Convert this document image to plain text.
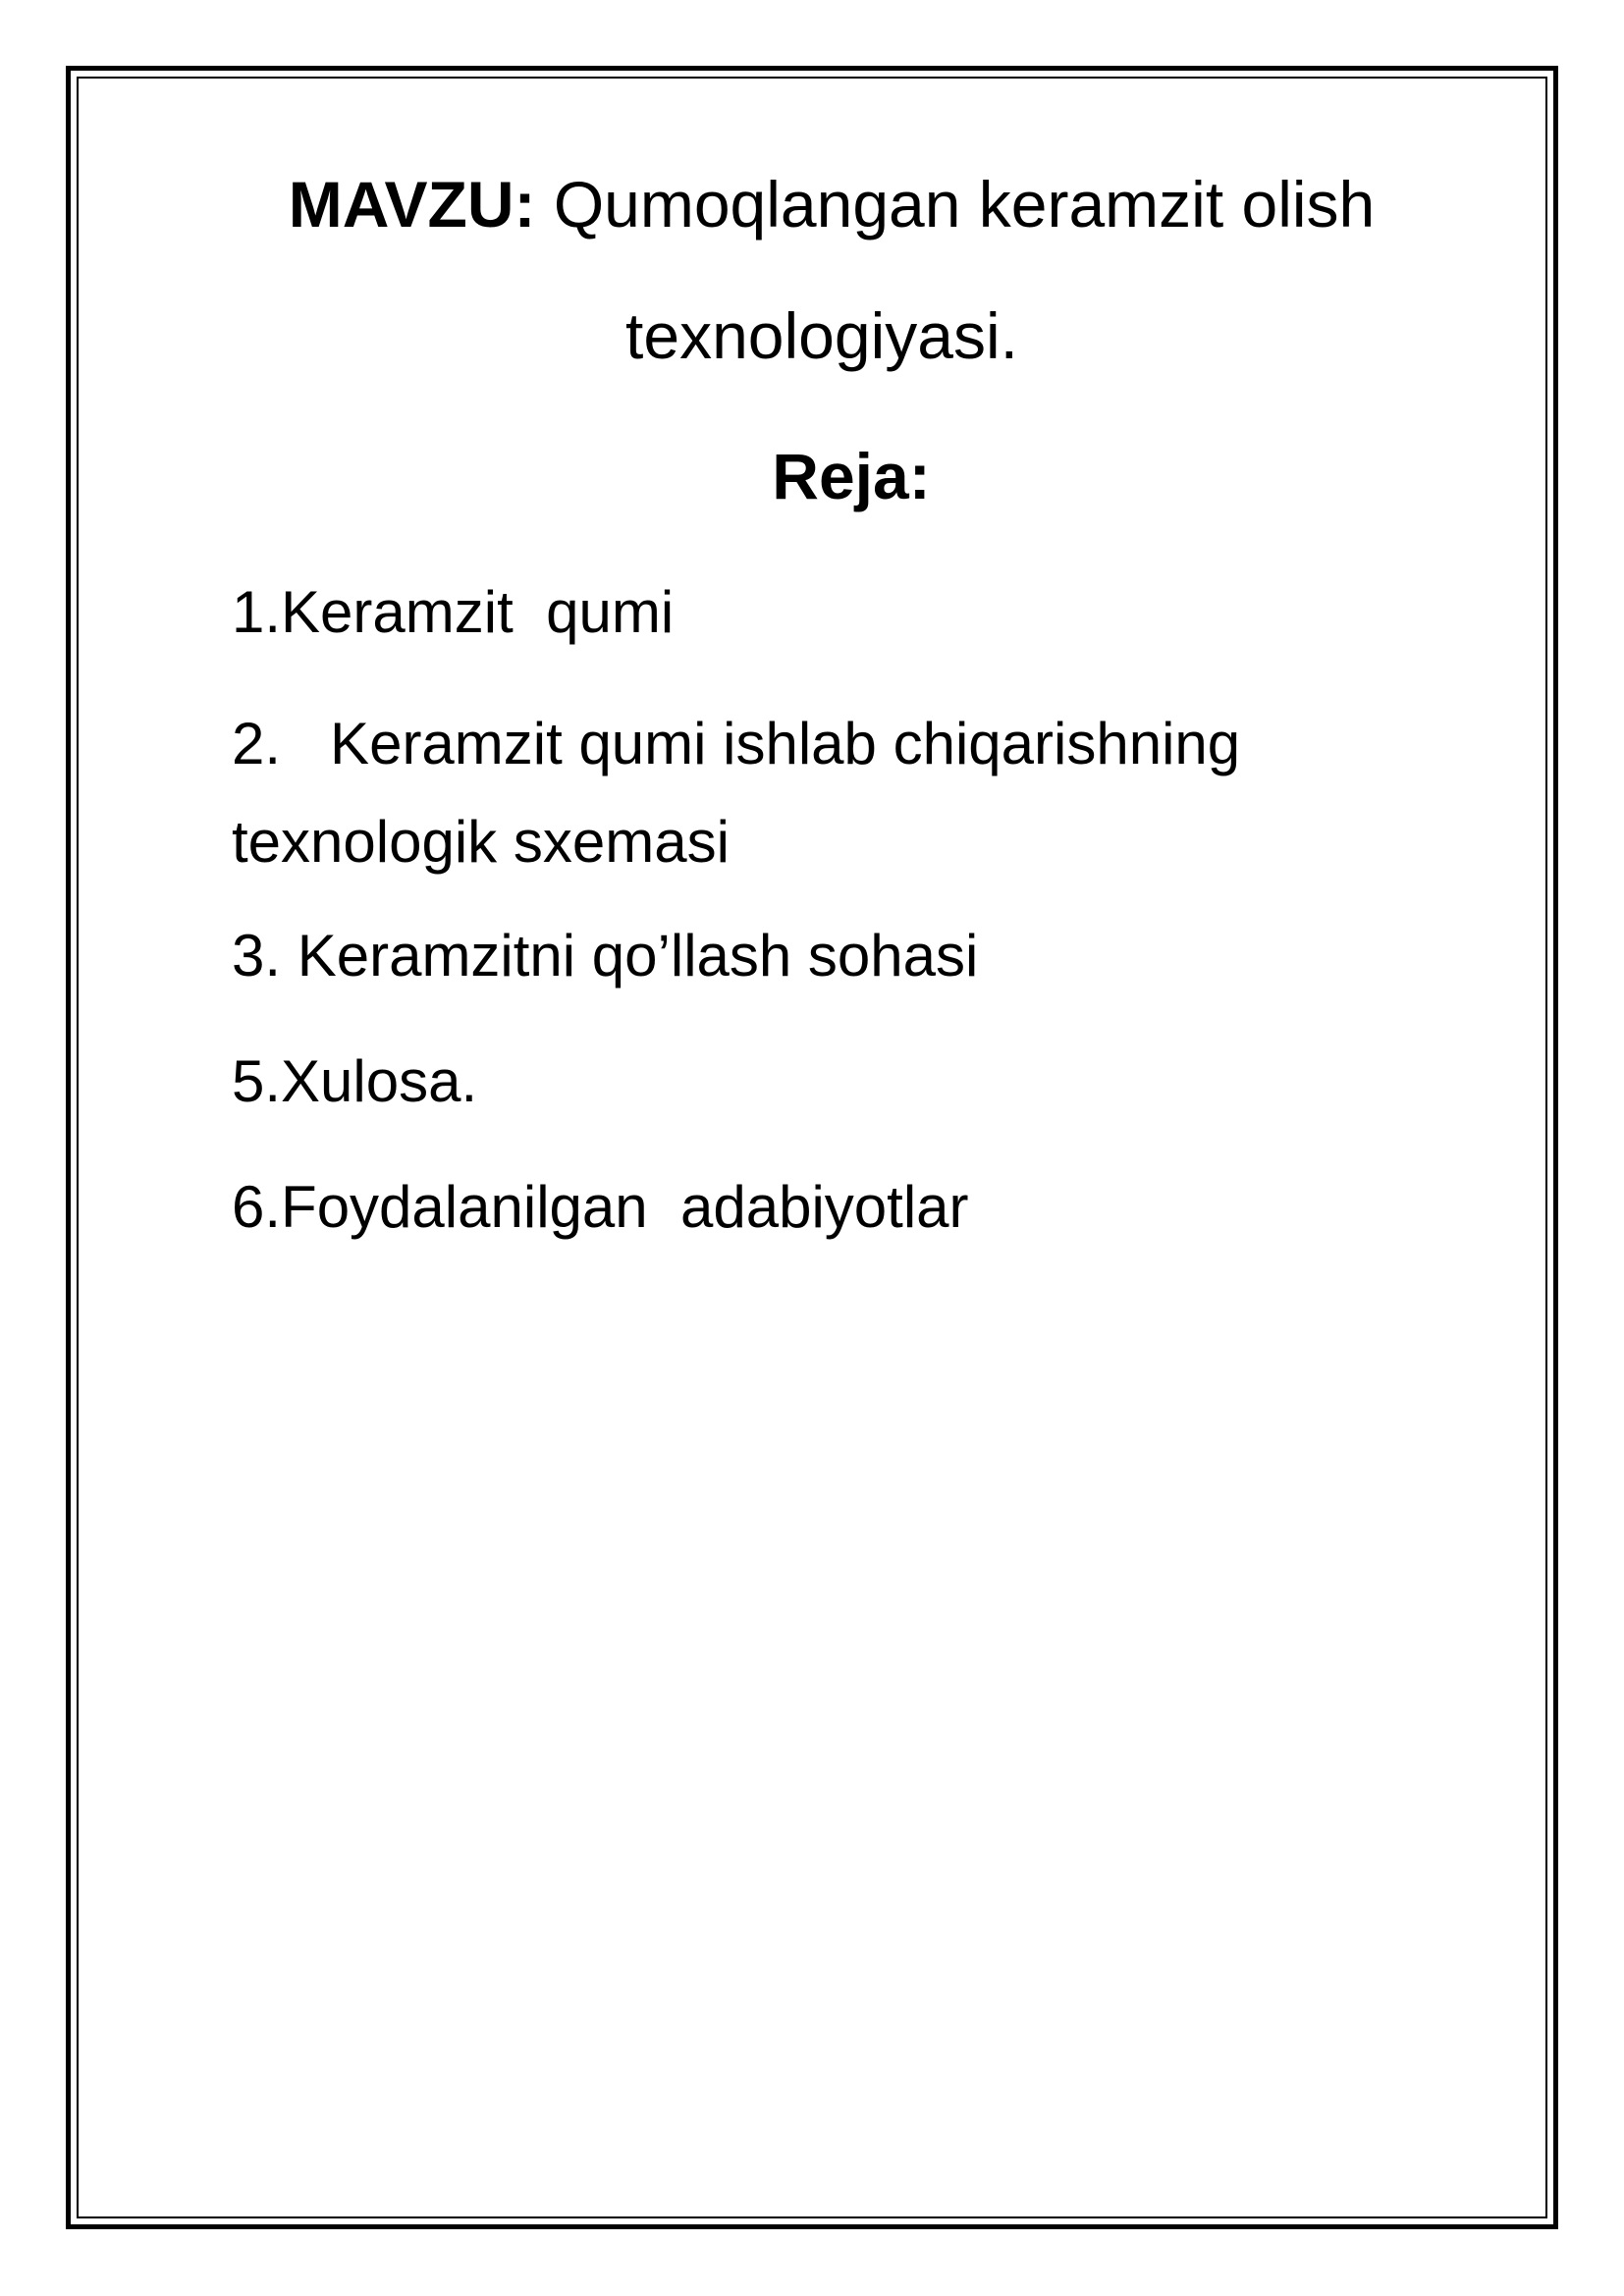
MAVZU: Qumoqlangan keramzit olish
texnologiyasi.
Reja:
1.Keramzit  qumi
2.   Keramzit qumi ishlab chiqarishning texnologik sxemasi
3. Keramzitni qo’llash sohasi
5.Xulosa.
6.Foydalanilgan  adabiyotlar
